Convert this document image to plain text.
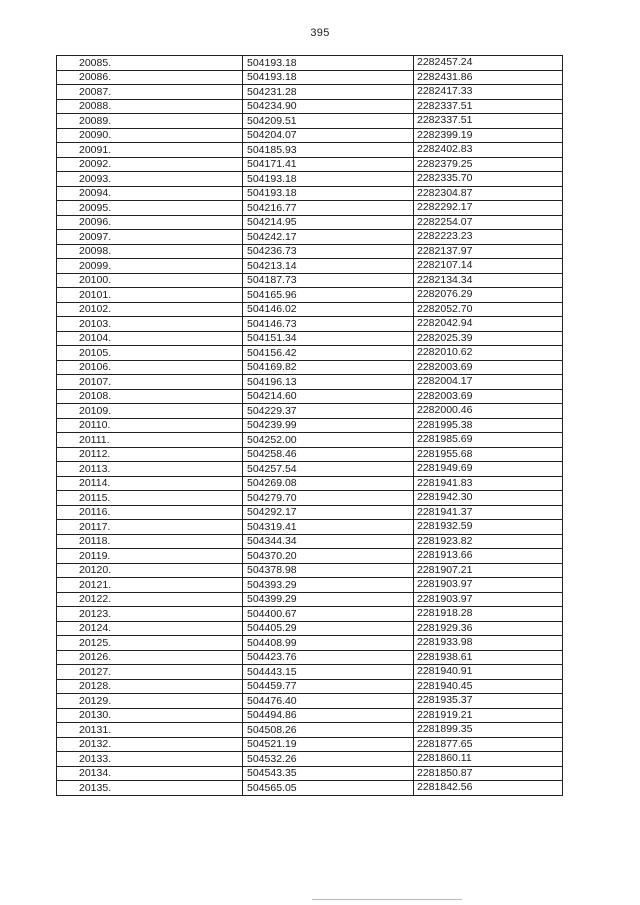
395
20085.	504193.18	2282457.24
20086.	504193.18	2282431.86
20087.	504231.28	2282417.33
20088.	504234.90	2282337.51
20089.	504209.51	2282337.51
20090.	504204.07	2282399.19
20091.	504185.93	2282402.83
20092.	504171.41	2282379.25
20093.	504193.18	2282335.70
20094.	504193.18	2282304.87
20095.	504216.77	2282292.17
20096.	504214.95	2282254.07
20097.	504242.17	2282223.23
20098.	504236.73	2282137.97
20099.	504213.14	2282107.14
20100.	504187.73	2282134.34
20101.	504165.96	2282076.29
20102.	504146.02	2282052.70
20103.	504146.73	2282042.94
20104.	504151.34	2282025.39
20105.	504156.42	2282010.62
20106.	504169.82	2282003.69
20107.	504196.13	2282004.17
20108.	504214.60	2282003.69
20109.	504229.37	2282000.46
20110.	504239.99	2281995.38
20111.	504252.00	2281985.69
20112.	504258.46	2281955.68
20113.	504257.54	2281949.69
20114.	504269.08	2281941.83
20115.	504279.70	2281942.30
20116.	504292.17	2281941.37
20117.	504319.41	2281932.59
20118.	504344.34	2281923.82
20119.	504370.20	2281913.66
20120.	504378.98	2281907.21
20121.	504393.29	2281903.97
20122.	504399.29	2281903.97
20123.	504400.67	2281918.28
20124.	504405.29	2281929.36
20125.	504408.99	2281933.98
20126.	504423.76	2281938.61
20127.	504443.15	2281940.91
20128.	504459.77	2281940.45
20129.	504476.40	2281935.37
20130.	504494.86	2281919.21
20131.	504508.26	2281899.35
20132.	504521.19	2281877.65
20133.	504532.26	2281860.11
20134.	504543.35	2281850.87
20135.	504565.05	2281842.56
